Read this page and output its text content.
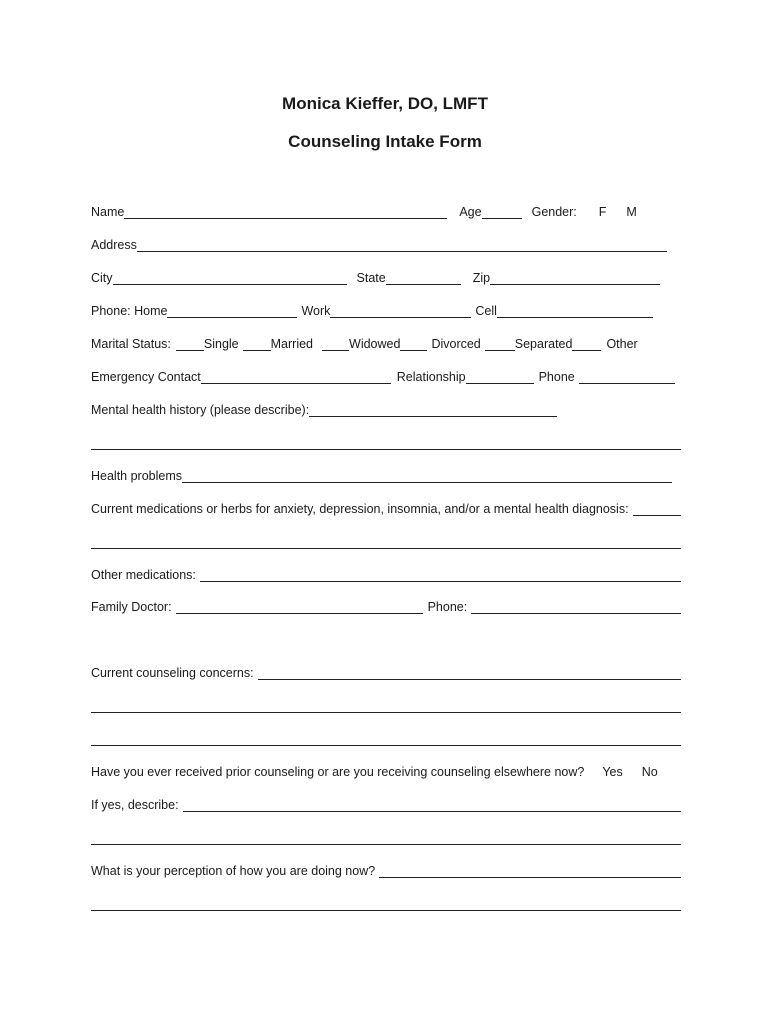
Monica Kieffer, DO, LMFT
Counseling Intake Form
Name	Age	Gender: F M
Address
City	State	Zip
Phone: Home	Work	Cell
Marital Status:	Single	Married	Widowed Divorced	Separated	Other
Emergency Contact	Relationship	Phone
Mental health history (please describe):
Health problems
Current medications or herbs for anxiety, depression, insomnia, and/or a mental health diagnosis:
Other medications:
Family Doctor:	Phone:
Current counseling concerns:
Have you ever received prior counseling or are you receiving counseling elsewhere now? Yes No
If yes, describe:
What is your perception of how you are doing now?
